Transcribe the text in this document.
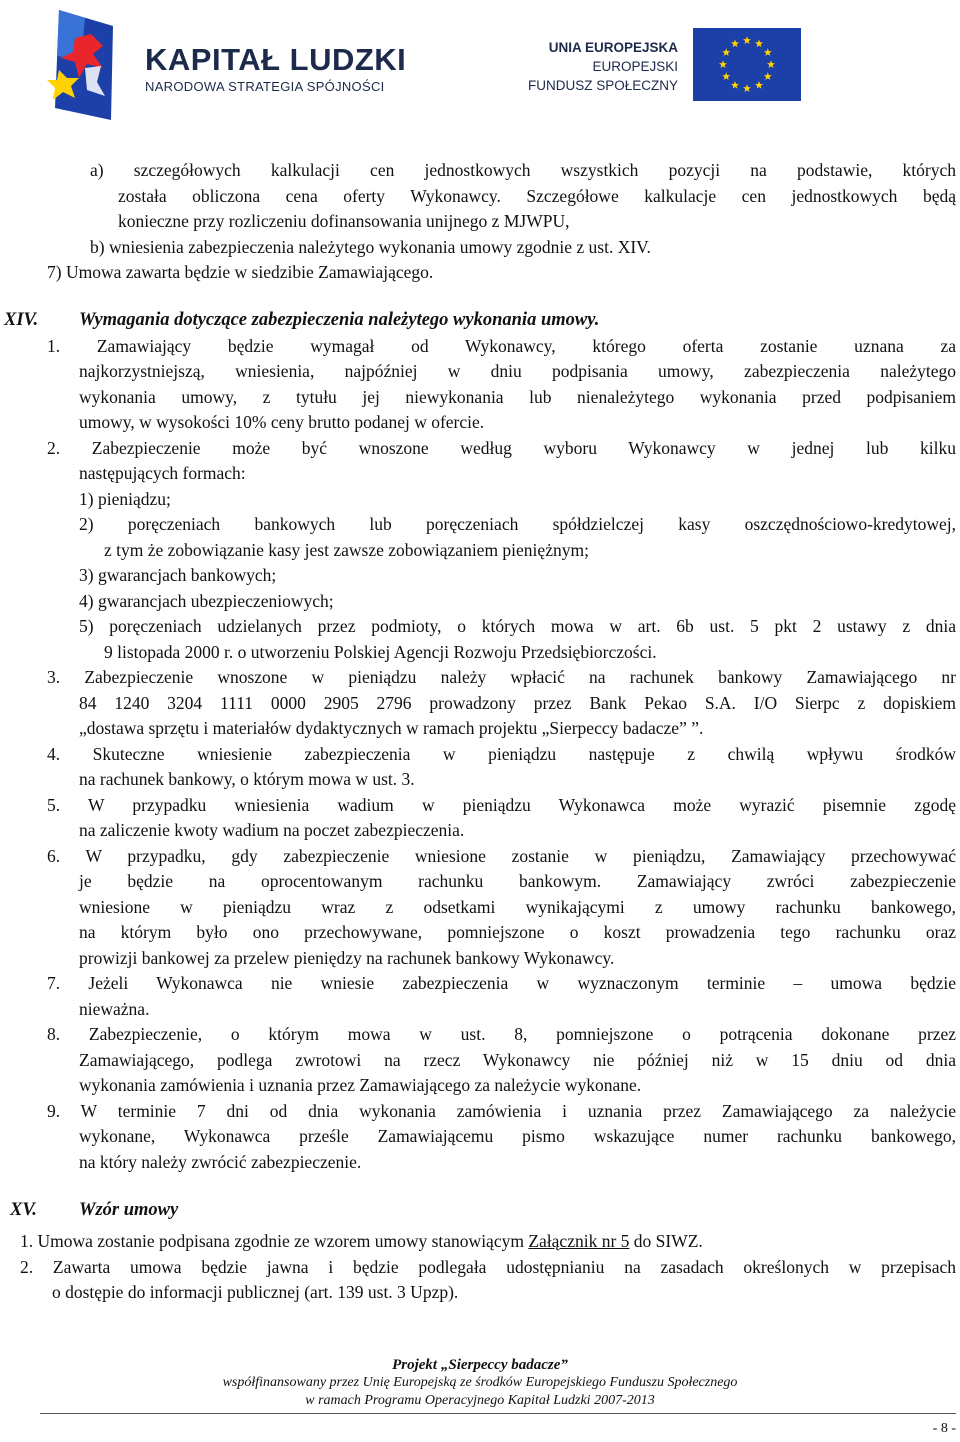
KAPITAŁ LUDZKI
NARODOWA STRATEGIA SPÓJNOŚCI
UNIA EUROPEJSKA
EUROPEJSKI
FUNDUSZ SPOŁECZNY
a) szczegółowych kalkulacji cen jednostkowych wszystkich pozycji na podstawie, których
została obliczona cena oferty Wykonawcy. Szczegółowe kalkulacje cen jednostkowych będą
konieczne przy rozliczeniu dofinansowania unijnego z MJWPU,
b) wniesienia zabezpieczenia należytego wykonania umowy zgodnie z ust. XIV.
7) Umowa zawarta będzie w siedzibie Zamawiającego.
XIV. Wymagania dotyczące zabezpieczenia należytego wykonania umowy.
1. Zamawiający będzie wymagał od Wykonawcy, którego oferta zostanie uznana za
najkorzystniejszą, wniesienia, najpóźniej w dniu podpisania umowy, zabezpieczenia należytego
wykonania umowy, z tytułu jej niewykonania lub nienależytego wykonania przed podpisaniem
umowy, w wysokości 10% ceny brutto podanej w ofercie.
2. Zabezpieczenie może być wnoszone według wyboru Wykonawcy w jednej lub kilku
następujących formach:
1) pieniądzu;
2) poręczeniach bankowych lub poręczeniach spółdzielczej kasy oszczędnościowo-kredytowej,
z tym że zobowiązanie kasy jest zawsze zobowiązaniem pieniężnym;
3) gwarancjach bankowych;
4) gwarancjach ubezpieczeniowych;
5) poręczeniach udzielanych przez podmioty, o których mowa w art. 6b ust. 5 pkt 2 ustawy z dnia
9 listopada 2000 r. o utworzeniu Polskiej Agencji Rozwoju Przedsiębiorczości.
3. Zabezpieczenie wnoszone w pieniądzu należy wpłacić na rachunek bankowy Zamawiającego nr
84 1240 3204 1111 0000 2905 2796 prowadzony przez Bank Pekao S.A. I/O Sierpc z dopiskiem
„dostawa sprzętu i materiałów dydaktycznych w ramach projektu „Sierpeccy badacze” ”.
4. Skuteczne wniesienie zabezpieczenia w pieniądzu następuje z chwilą wpływu środków
na rachunek bankowy, o którym mowa w ust. 3.
5. W przypadku wniesienia wadium w pieniądzu Wykonawca może wyrazić pisemnie zgodę
na zaliczenie kwoty wadium na poczet zabezpieczenia.
6. W przypadku, gdy zabezpieczenie wniesione zostanie w pieniądzu, Zamawiający przechowywać
je będzie na oprocentowanym rachunku bankowym. Zamawiający zwróci zabezpieczenie
wniesione w pieniądzu wraz z odsetkami wynikającymi z umowy rachunku bankowego,
na którym było ono przechowywane, pomniejszone o koszt prowadzenia tego rachunku oraz
prowizji bankowej za przelew pieniędzy na rachunek bankowy Wykonawcy.
7. Jeżeli Wykonawca nie wniesie zabezpieczenia w wyznaczonym terminie – umowa będzie
nieważna.
8. Zabezpieczenie, o którym mowa w ust. 8, pomniejszone o potrącenia dokonane przez
Zamawiającego, podlega zwrotowi na rzecz Wykonawcy nie później niż w 15 dniu od dnia
wykonania zamówienia i uznania przez Zamawiającego za należycie wykonane.
9. W terminie 7 dni od dnia wykonania zamówienia i uznania przez Zamawiającego za należycie
wykonane, Wykonawca prześle Zamawiającemu pismo wskazujące numer rachunku bankowego,
na który należy zwrócić zabezpieczenie.
XV. Wzór umowy
1. Umowa zostanie podpisana zgodnie ze wzorem umowy stanowiącym Załącznik nr 5 do SIWZ.
2. Zawarta umowa będzie jawna i będzie podlegała udostępnianiu na zasadach określonych w przepisach
o dostępie do informacji publicznej (art. 139 ust. 3 Upzp).
Projekt „Sierpeccy badacze”
współfinansowany przez Unię Europejską ze środków Europejskiego Funduszu Społecznego
w ramach Programu Operacyjnego Kapitał Ludzki 2007-2013
- 8 -
